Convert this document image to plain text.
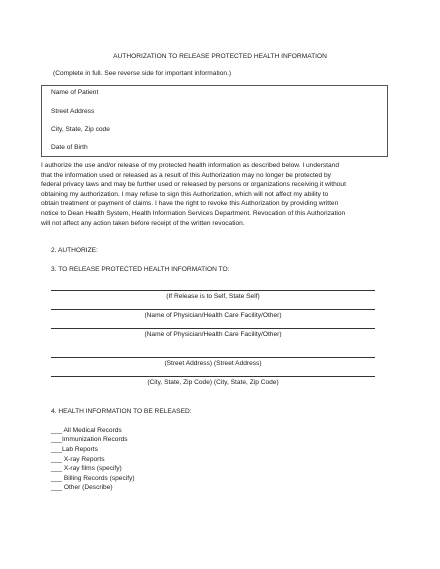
AUTHORIZATION TO RELEASE PROTECTED HEALTH INFORMATION
(Complete in full. See reverse side for important information.)
Name of Patient
Street Address
City, State, Zip code
Date of Birth
I authorize the use and/or release of my protected health information as described below. I understand
that the information used or released as a result of this Authorization may no longer be protected by
federal privacy laws and may be further used or released by persons or organizations receiving it without
obtaining my authorization. I may refuse to sign this Authorization, which will not affect my ability to
obtain treatment or payment of claims. I have the right to revoke this Authorization by providing written
notice to Dean Health System, Health Information Services Department. Revocation of this Authorization
will not affect any action taken before receipt of the written revocation.
2. AUTHORIZE:
3. TO RELEASE PROTECTED HEALTH INFORMATION TO:
(If Release is to Self, State Self)
(Name of Physician/Health Care Facility/Other)
(Name of Physician/Health Care Facility/Other)
(Street Address) (Street Address)
(City, State, Zip Code) (City, State, Zip Code)
4. HEALTH INFORMATION TO BE RELEASED:
___ All Medical Records
___Immunization Records
___Lab Reports
___ X-ray Reports
___ X-ray films (specify)
___ Billing Records (specify)
___ Other (Describe)
